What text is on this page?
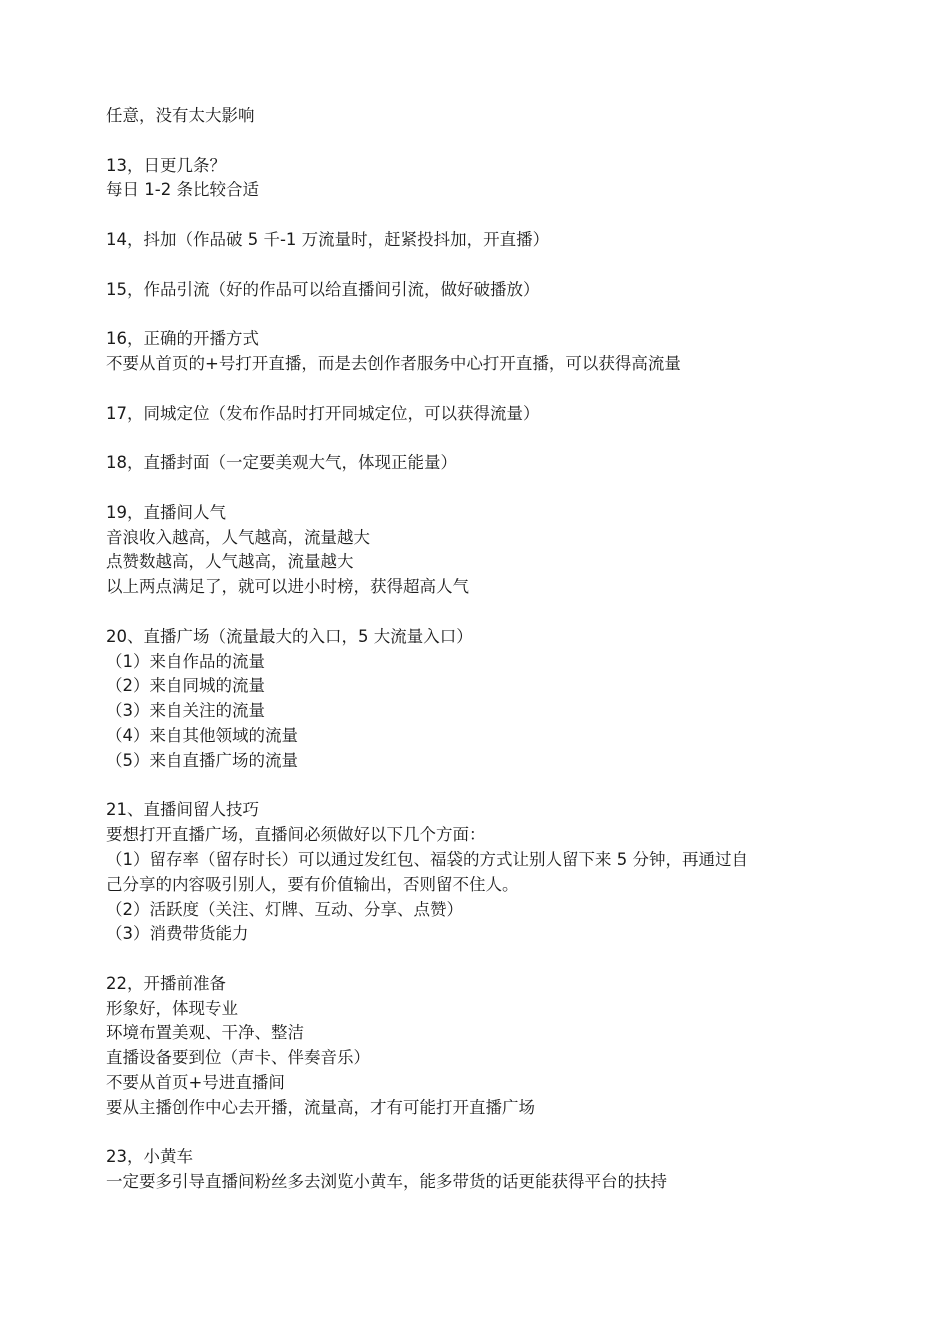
任意，没有太大影响

13，日更几条？

每日 1-2 条比较合适

14，抖加（作品破 5 千-1 万流量时，赶紧投抖加，开直播）

15，作品引流（好的作品可以给直播间引流，做好破播放）

16，正确的开播方式

不要从首页的+号打开直播，而是去创作者服务中心打开直播，可以获得高流量

17，同城定位（发布作品时打开同城定位，可以获得流量）

18，直播封面（一定要美观大气，体现正能量）

19，直播间人气

音浪收入越高，人气越高，流量越大

点赞数越高，人气越高，流量越大

以上两点满足了，就可以进小时榜，获得超高人气

20、直播广场（流量最大的入口，5 大流量入口）

（1）来自作品的流量

（2）来自同城的流量

（3）来自关注的流量

（4）来自其他领域的流量

（5）来自直播广场的流量

21、直播间留人技巧

要想打开直播广场，直播间必须做好以下几个方面：

（1）留存率（留存时长）可以通过发红包、福袋的方式让别人留下来 5 分钟，再通过自

己分享的内容吸引别人，要有价值输出，否则留不住人。

（2）活跃度（关注、灯牌、互动、分享、点赞）

（3）消费带货能力

22，开播前准备

形象好，体现专业

环境布置美观、干净、整洁

直播设备要到位（声卡、伴奏音乐）

不要从首页+号进直播间

要从主播创作中心去开播，流量高，才有可能打开直播广场

23，小黄车

一定要多引导直播间粉丝多去浏览小黄车，能多带货的话更能获得平台的扶持
